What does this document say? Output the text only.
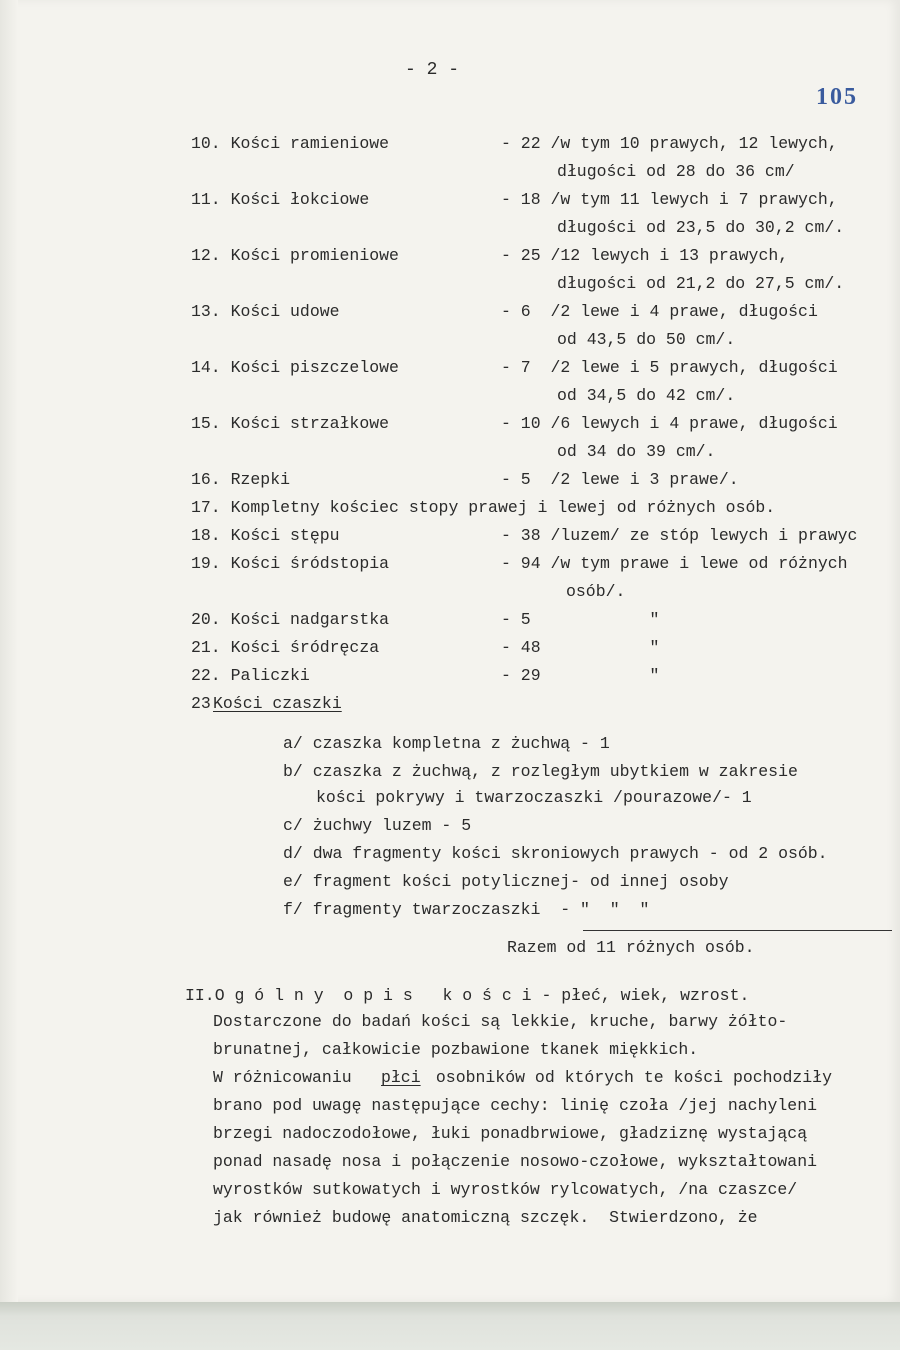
- 2 -
105
10. Kości ramieniowe	- 22 /w tym 10 prawych, 12 lewych,
długości od 28 do 36 cm/
11. Kości łokciowe	- 18 /w tym 11 lewych i 7 prawych,
długości od 23,5 do 30,2 cm/.
12. Kości promieniowe	- 25 /12 lewych i 13 prawych,
długości od 21,2 do 27,5 cm/.
13. Kości udowe	- 6  /2 lewe i 4 prawe, długości
od 43,5 do 50 cm/.
14. Kości piszczelowe	- 7  /2 lewe i 5 prawych, długości
od 34,5 do 42 cm/.
15. Kości strzałkowe	- 10 /6 lewych i 4 prawe, długości
od 34 do 39 cm/.
16. Rzepki	- 5  /2 lewe i 3 prawe/.
17. Kompletny kościec stopy prawej i lewej od różnych osób.
18. Kości stępu	- 38 /luzem/ ze stóp lewych i prawyc
19. Kości śródstopia	- 94 /w tym prawe i lewe od różnych
osób/.
20. Kości nadgarstka	- 5            "
21. Kości śródręcza	- 48           "
22. Paliczki	- 29           "
23
Kości czaszki
a/ czaszka kompletna z żuchwą - 1
b/ czaszka z żuchwą, z rozległym ubytkiem w zakresie
kości pokrywy i twarzoczaszki /pourazowe/- 1
c/ żuchwy luzem - 5
d/ dwa fragmenty kości skroniowych prawych - od 2 osób.
e/ fragment kości potylicznej- od innej osoby
f/ fragmenty twarzoczaszki  - "  "  "
Razem od 11 różnych osób.
II.O g ó l n y  o p i s   k o ś c i - płeć, wiek, wzrost.
Dostarczone do badań kości są lekkie, kruche, barwy żółto-
brunatnej, całkowicie pozbawione tkanek miękkich.
W różnicowaniu płci osobników od których te kości pochodziły
brano pod uwagę następujące cechy: linię czoła /jej nachyleni
brzegi nadoczodołowe, łuki ponadbrwiowe, gładziznę wystającą
ponad nasadę nosa i połączenie nosowo-czołowe, wykształtowani
wyrostków sutkowatych i wyrostków rylcowatych, /na czaszce/
jak również budowę anatomiczną szczęk.  Stwierdzono, że
